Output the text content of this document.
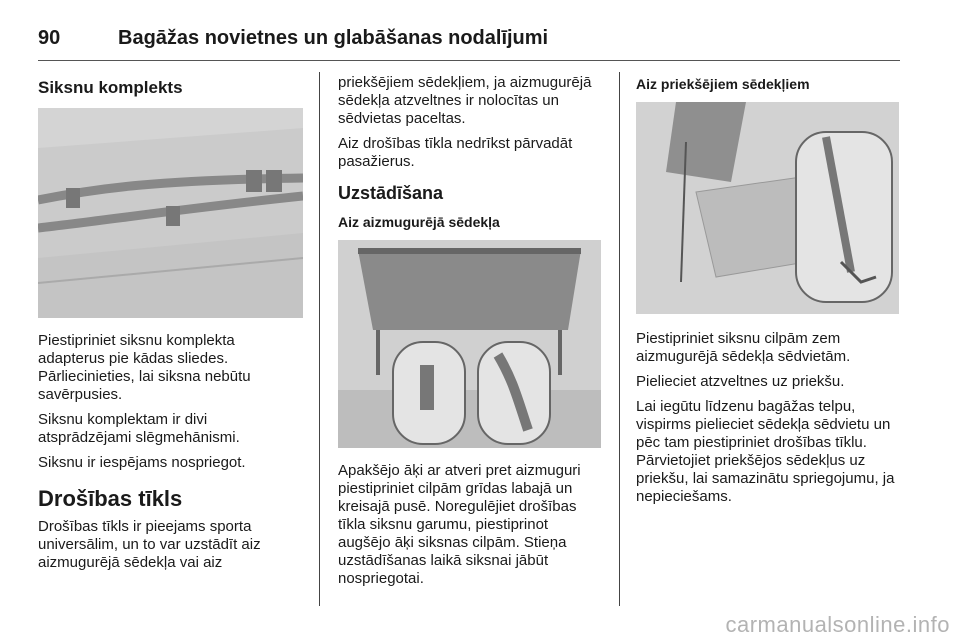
90	Bagāžas novietnes un glabāšanas nodalījumi
Siksnu komplekts

Piestipriniet siksnu komplekta adapterus pie kādas sliedes. Pārliecinieties, lai siksna nebūtu savērpusies.

Siksnu komplektam ir divi atsprādzējami slēgmehānismi.

Siksnu ir iespējams nospriegot.

Drošības tīkls

Drošības tīkls ir pieejams sporta universālim, un to var uzstādīt aiz aizmugurējā sēdekļa vai aiz

priekšējiem sēdekļiem, ja aizmugurējā sēdekļa atzveltnes ir nolocītas un sēdvietas paceltas.

Aiz drošības tīkla nedrīkst pārvadāt pasažierus.

Uzstādīšana
Aiz aizmugurējā sēdekļa

Apakšējo āķi ar atveri pret aizmuguri piestipriniet cilpām grīdas labajā un kreisajā pusē. Noregulējiet drošības tīkla siksnu garumu, piestiprinot augšējo āķi siksnas cilpām. Stieņa uzstādīšanas laikā siksnai jābūt nospriegotai.

Aiz priekšējiem sēdekļiem

Piestipriniet siksnu cilpām zem aizmugurējā sēdekļa sēdvietām.

Pielieciet atzveltnes uz priekšu.

Lai iegūtu līdzenu bagāžas telpu, vispirms pielieciet sēdekļa sēdvietu un pēc tam piestipriniet drošības tīklu. Pārvietojiet priekšējos sēdekļus uz priekšu, lai samazinātu spriegojumu, ja nepieciešams.

carmanualsonline.info
